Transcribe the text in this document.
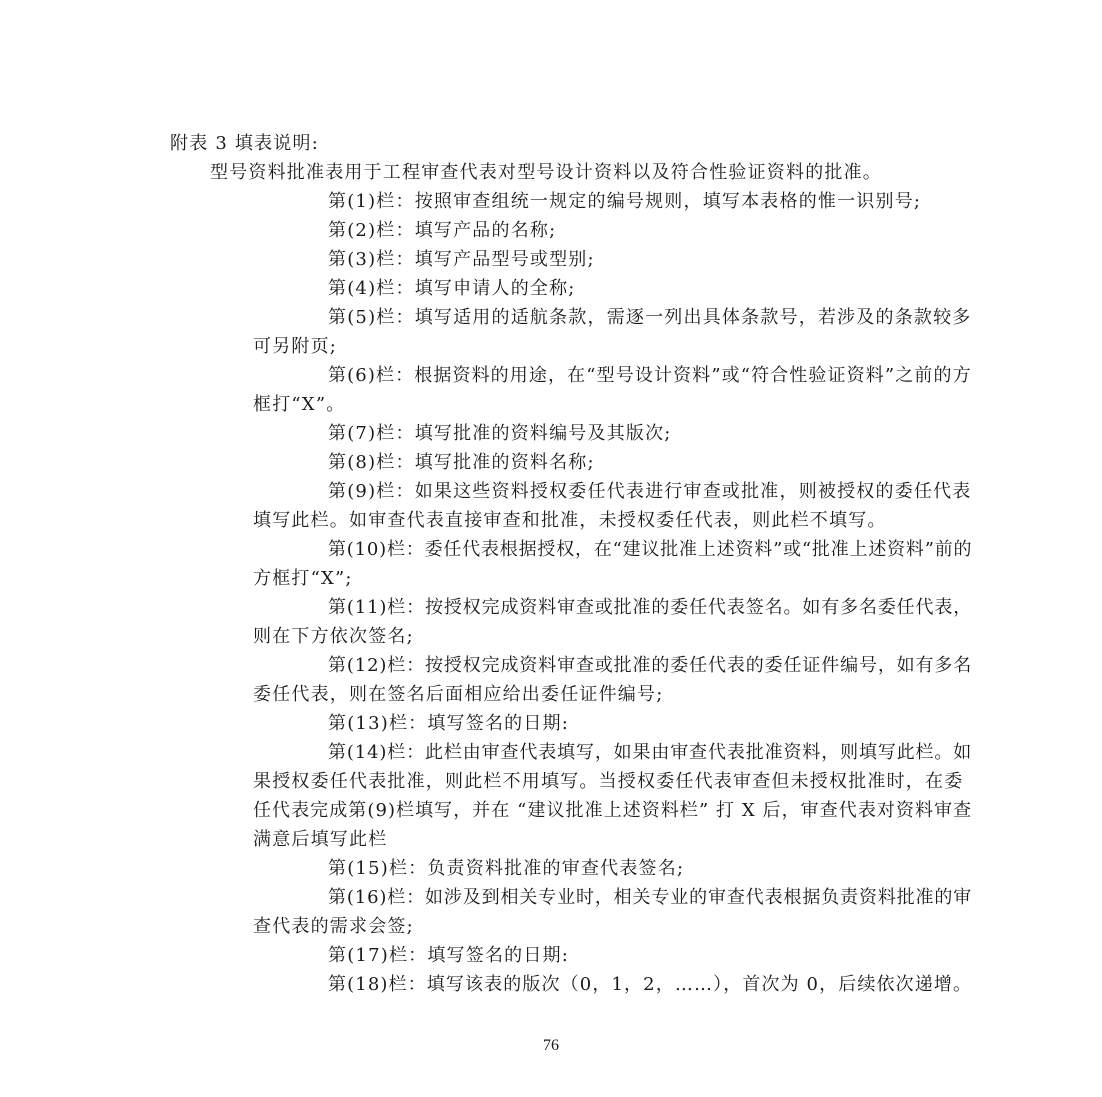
附表 3 填表说明:
型号资料批准表用于工程审查代表对型号设计资料以及符合性验证资料的批准。
第(1)栏：按照审查组统一规定的编号规则，填写本表格的惟一识别号;
第(2)栏：填写产品的名称;
第(3)栏：填写产品型号或型别;
第(4)栏：填写申请人的全称;
第(5)栏：填写适用的适航条款，需逐一列出具体条款号，若涉及的条款较多
可另附页;
第(6)栏：根据资料的用途，在“型号设计资料”或“符合性验证资料”之前的方
框打“X”。
第(7)栏：填写批准的资料编号及其版次;
第(8)栏：填写批准的资料名称;
第(9)栏：如果这些资料授权委任代表进行审查或批准，则被授权的委任代表
填写此栏。如审查代表直接审查和批准，未授权委任代表，则此栏不填写。
第(10)栏：委任代表根据授权，在“建议批准上述资料”或“批准上述资料”前的
方框打“X”;
第(11)栏：按授权完成资料审查或批准的委任代表签名。如有多名委任代表，
则在下方依次签名;
第(12)栏：按授权完成资料审查或批准的委任代表的委任证件编号，如有多名
委任代表，则在签名后面相应给出委任证件编号;
第(13)栏：填写签名的日期:
第(14)栏：此栏由审查代表填写，如果由审查代表批准资料，则填写此栏。如
果授权委任代表批准，则此栏不用填写。当授权委任代表审查但未授权批准时，在委
任代表完成第(9)栏填写，并在 “建议批准上述资料栏” 打 X 后，审查代表对资料审查
满意后填写此栏
第(15)栏：负责资料批准的审查代表签名;
第(16)栏：如涉及到相关专业时，相关专业的审查代表根据负责资料批准的审
查代表的需求会签;
第(17)栏：填写签名的日期:
第(18)栏：填写该表的版次（0，1，2，……），首次为 0，后续依次递增。
76
